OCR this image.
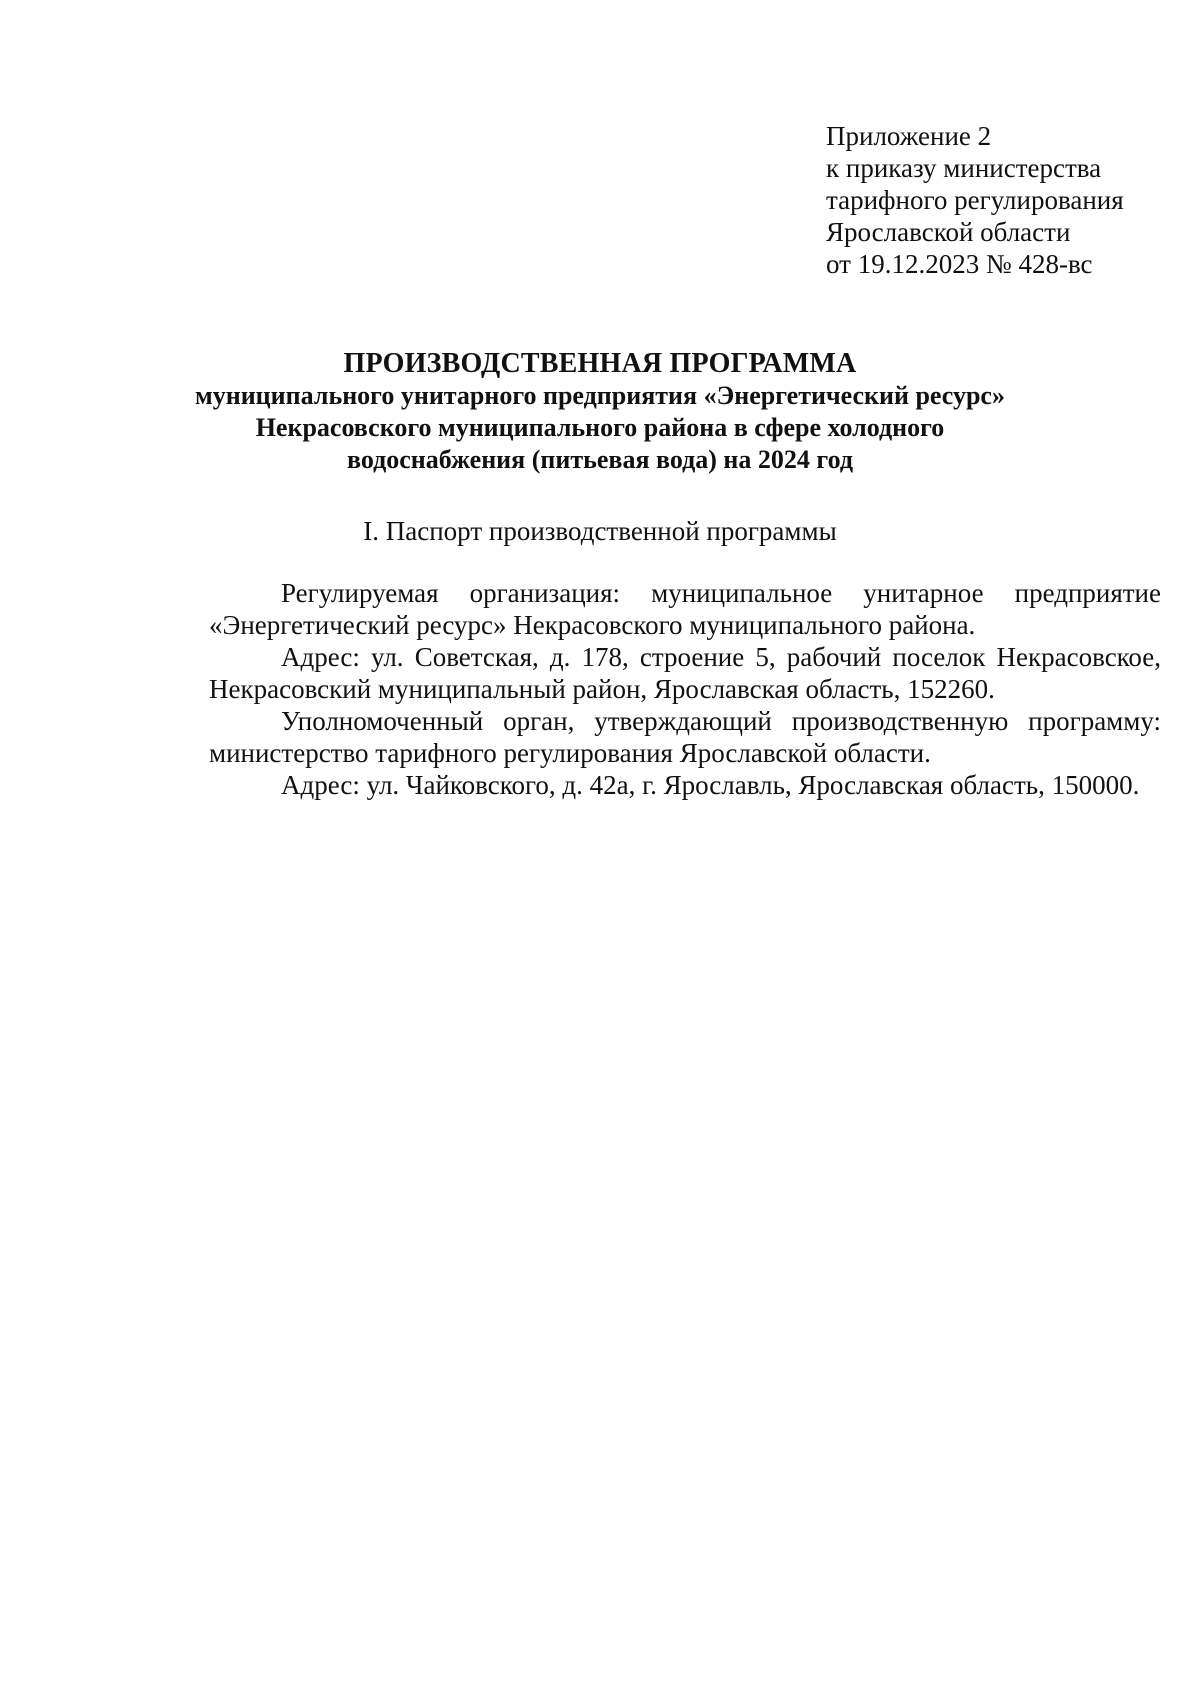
Приложение 2
к приказу министерства
тарифного регулирования
Ярославской области
от 19.12.2023 № 428-вс
ПРОИЗВОДСТВЕННАЯ ПРОГРАММА
муниципального унитарного предприятия «Энергетический ресурс»
Некрасовского муниципального района в сфере холодного
водоснабжения (питьевая вода) на 2024 год
I. Паспорт производственной программы

Регулируемая организация: муниципальное унитарное предприятие «Энергетический ресурс» Некрасовского муниципального района.

Адрес: ул. Советская, д. 178, строение 5, рабочий поселок Некрасовское, Некрасовский муниципальный район, Ярославская область, 152260.

Уполномоченный орган, утверждающий производственную программу: министерство тарифного регулирования Ярославской области.

Адрес: ул. Чайковского, д. 42а, г. Ярославль, Ярославская область, 150000.
